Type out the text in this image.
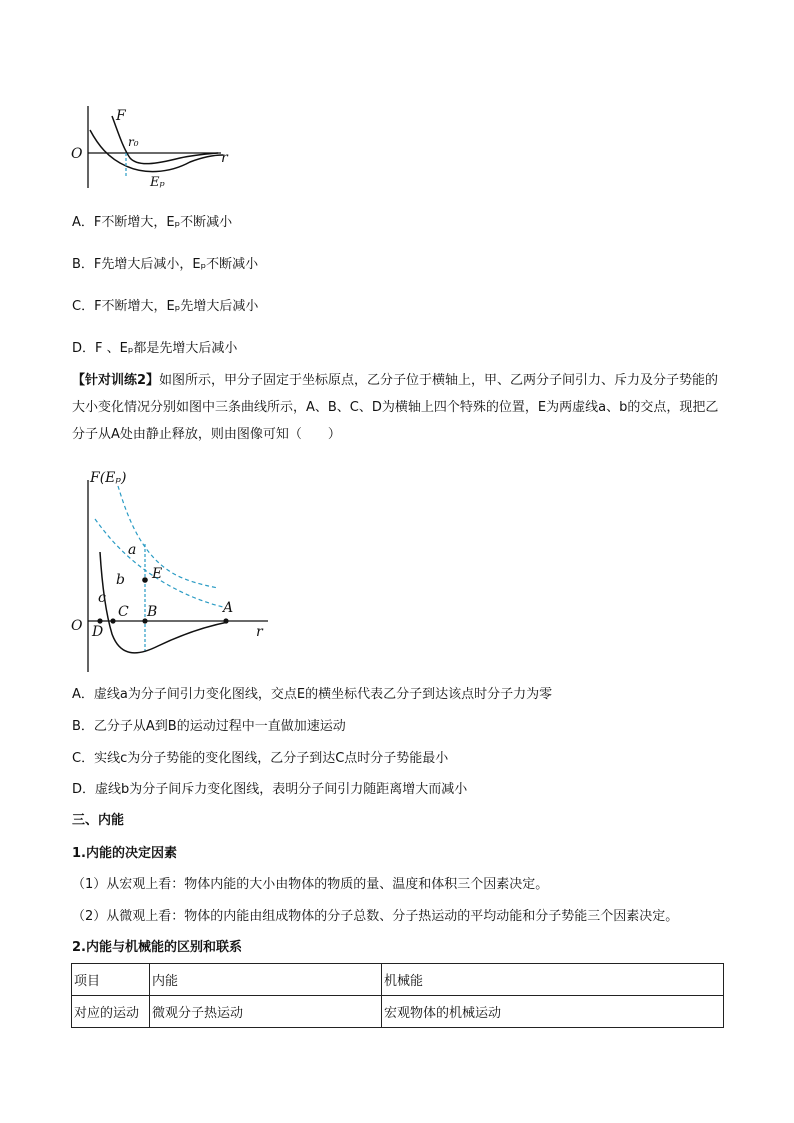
F
r₀
O	r
Eₚ
A．F不断增大，Eₚ不断减小
B．F先增大后减小，Eₚ不断减小
C．F不断增大，Eₚ先增大后减小
D．F 、Eₚ都是先增大后减小
【针对训练2】如图所示，甲分子固定于坐标原点，乙分子位于横轴上，甲、乙两分子间引力、斥力及分子势能的大小变化情况分别如图中三条曲线所示，A、B、C、D为横轴上四个特殊的位置，E为两虚线a、b的交点，现把乙分子从A处由静止释放，则由图像可知（　　）
F(Eₚ)
a
b E
c
C B	A
O D	r
A．虚线a为分子间引力变化图线，交点E的横坐标代表乙分子到达该点时分子力为零
B．乙分子从A到B的运动过程中一直做加速运动
C．实线c为分子势能的变化图线，乙分子到达C点时分子势能最小
D．虚线b为分子间斥力变化图线，表明分子间引力随距离增大而减小
三、内能
1.内能的决定因素
（1）从宏观上看：物体内能的大小由物体的物质的量、温度和体积三个因素决定。
（2）从微观上看：物体的内能由组成物体的分子总数、分子热运动的平均动能和分子势能三个因素决定。
2.内能与机械能的区别和联系
项目	内能	机械能
对应的运动	微观分子热运动	宏观物体的机械运动
